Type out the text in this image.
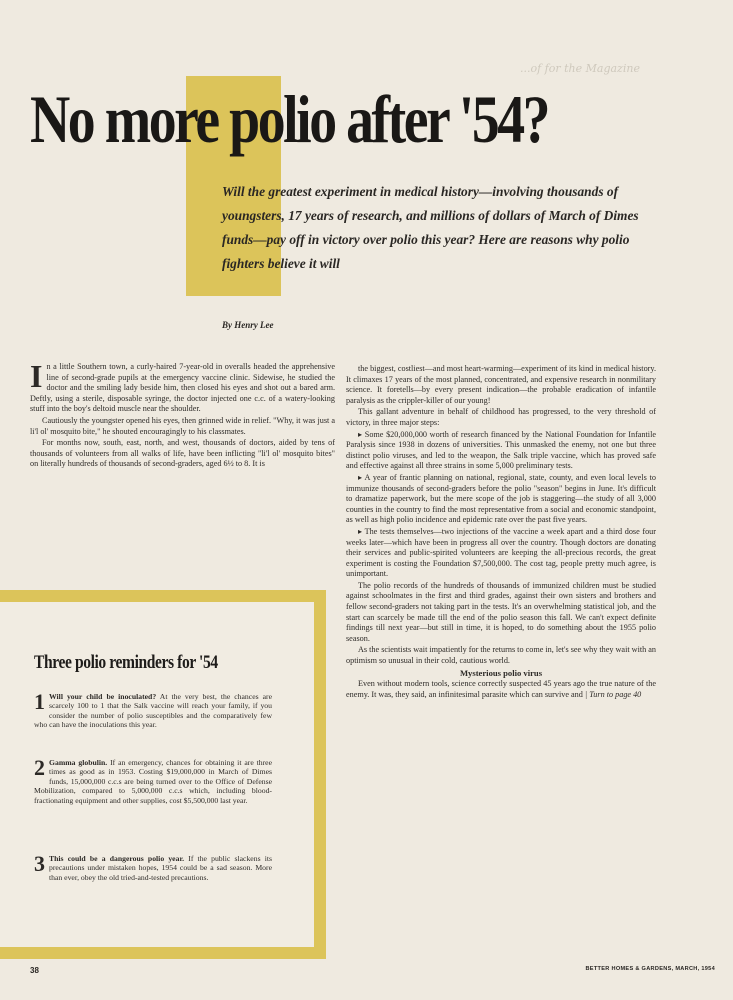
...of for the Magazine
No more polio after '54?
Will the greatest experiment in medical history—involving thousands of youngsters, 17 years of research, and millions of dollars of March of Dimes funds—pay off in victory over polio this year? Here are reasons why polio fighters believe it will
By Henry Lee

In a little Southern town, a curly-haired 7-year-old in overalls headed the apprehensive line of second-grade pupils at the emergency vaccine clinic. Sidewise, he studied the doctor and the smiling lady beside him, then closed his eyes and shot out a bared arm. Deftly, using a sterile, disposable syringe, the doctor injected one c.c. of a watery-looking stuff into the boy's deltoid muscle near the shoulder.

Cautiously the youngster opened his eyes, then grinned wide in relief. "Why, it was just a li'l ol' mosquito bite," he shouted encouragingly to his classmates.

For months now, south, east, north, and west, thousands of doctors, aided by tens of thousands of volunteers from all walks of life, have been inflicting "li'l ol' mosquito bites" on literally hundreds of thousands of second-graders, aged 6½ to 8. It is

the biggest, costliest—and most heart-warming—experiment of its kind in medical history. It climaxes 17 years of the most planned, concentrated, and expensive research in nonmilitary science. It foretells—by every present indication—the probable eradication of infantile paralysis as the crippler-killer of our young!

This gallant adventure in behalf of childhood has progressed, to the very threshold of victory, in three major steps:

▸ Some $20,000,000 worth of research financed by the National Foundation for Infantile Paralysis since 1938 in dozens of universities. This unmasked the enemy, not one but three distinct polio viruses, and led to the weapon, the Salk triple vaccine, which has proved safe and effective against all three strains in some 5,000 preliminary tests.

▸ A year of frantic planning on national, regional, state, county, and even local levels to immunize thousands of second-graders before the polio "season" begins in June. It's difficult to dramatize paperwork, but the mere scope of the job is staggering—the study of all 3,000 counties in the country to find the most representative from a social and economic standpoint, as well as high polio incidence and epidemic rate over the past five years.

▸ The tests themselves—two injections of the vaccine a week apart and a third dose four weeks later—which have been in progress all over the country. Though doctors are donating their services and public-spirited volunteers are keeping the all-precious records, the great experiment is costing the Foundation $7,500,000. The cost tag, people pretty much agree, is unimportant.

The polio records of the hundreds of thousands of immunized children must be studied against schoolmates in the first and third grades, against their own sisters and brothers and fellow second-graders not taking part in the tests. It's an overwhelming statistical job, and the start can scarcely be made till the end of the polio season this fall. We can't expect definite findings till next year—but still in time, it is hoped, to do something about the 1955 polio season.

As the scientists wait impatiently for the returns to come in, let's see why they wait with an optimism so unusual in their cold, cautious world.

Mysterious polio virus

Even without modern tools, science correctly suspected 45 years ago the true nature of the enemy. It was, they said, an infinitesimal parasite which can survive and | Turn to page 40

Three polio reminders for '54
1 Will your child be inoculated? At the very best, the chances are scarcely 100 to 1 that the Salk vaccine will reach your family, if you consider the number of polio susceptibles and the comparatively few who can have the inoculations this year.
2 Gamma globulin. If an emergency, chances for obtaining it are three times as good as in 1953. Costing $19,000,000 in March of Dimes funds, 15,000,000 c.c.s are being turned over to the Office of Defense Mobilization, compared to 5,000,000 c.c.s which, including blood-fractionating equipment and other supplies, cost $5,500,000 last year.
3 This could be a dangerous polio year. If the public slackens its precautions under mistaken hopes, 1954 could be a sad season. More than ever, obey the old tried-and-tested precautions.
38	BETTER HOMES & GARDENS, MARCH, 1954
